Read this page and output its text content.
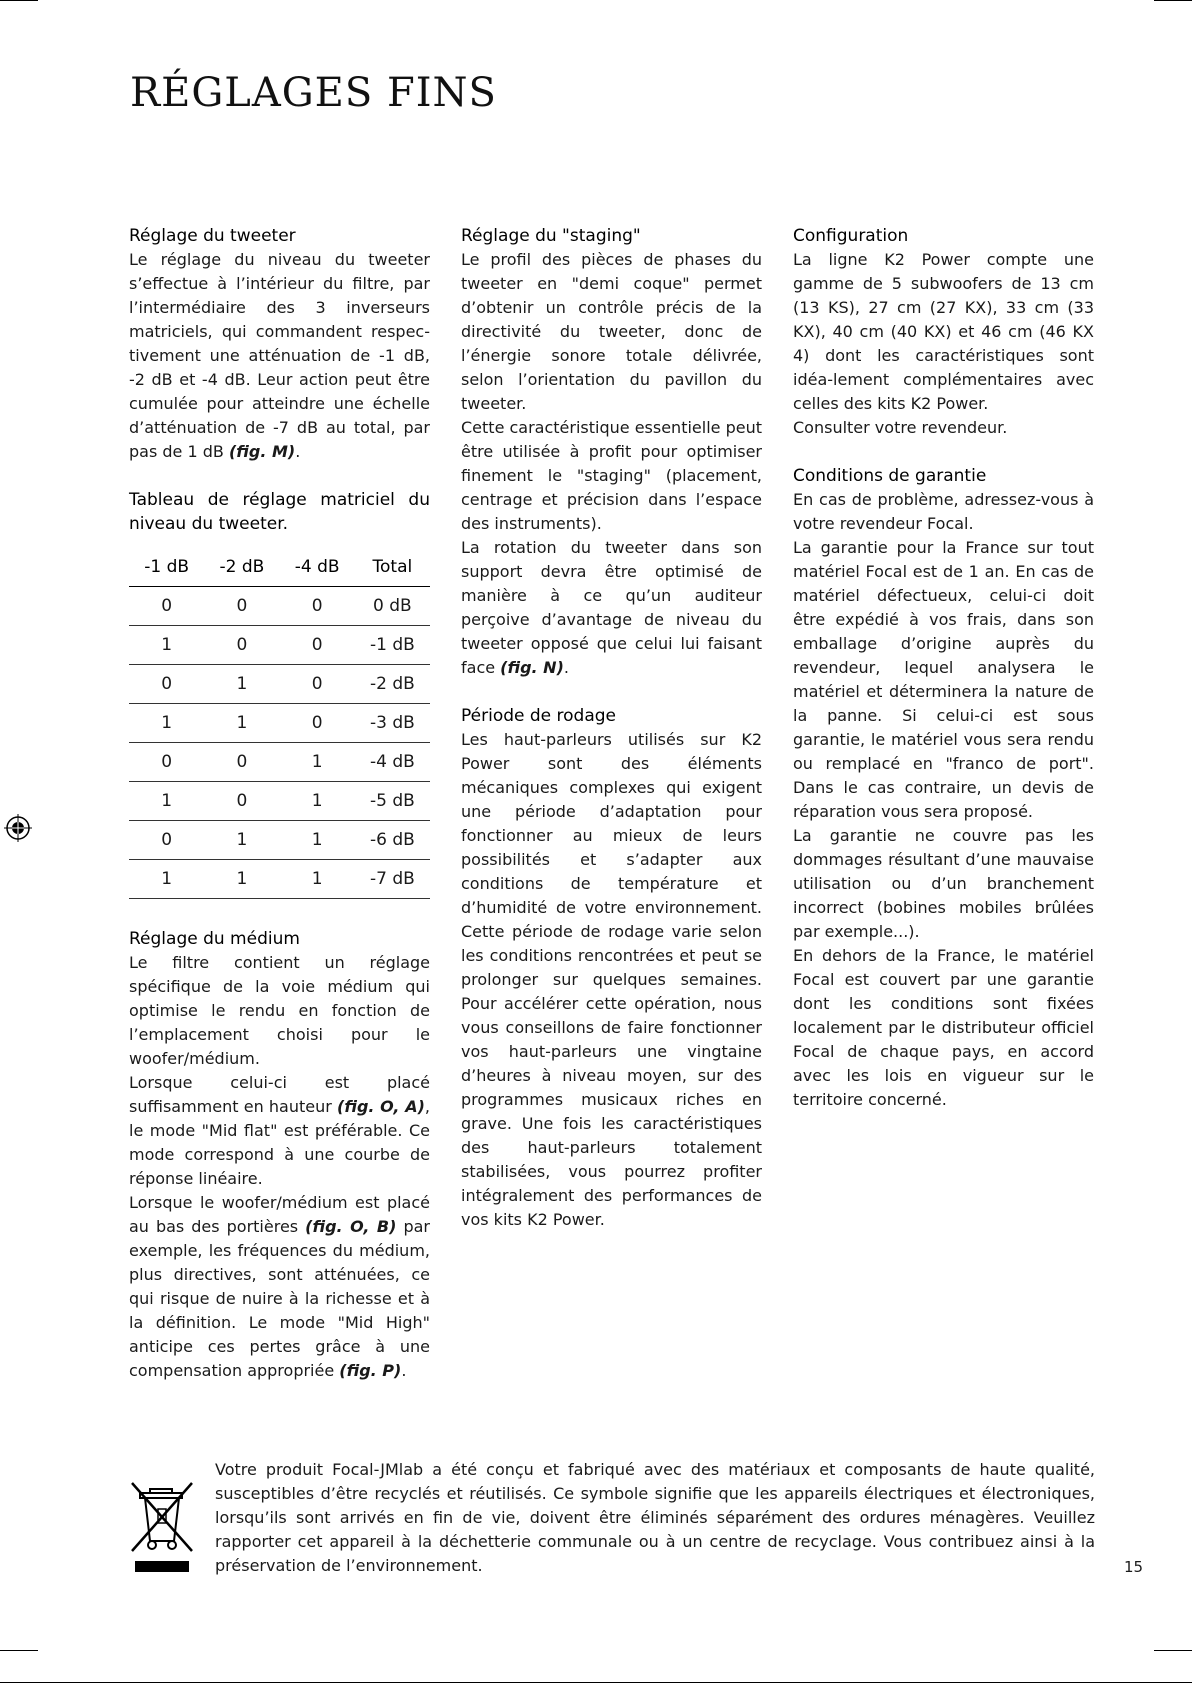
RÉGLAGES FINS
Réglage du tweeter

Le réglage du niveau du tweeter s’effectue à l’intérieur du filtre, par l’intermédiaire des 3 inverseurs matriciels, qui commandent respec-tivement une atténuation de -1 dB, -2 dB et -4 dB. Leur action peut être cumulée pour atteindre une échelle d’atténuation de -7 dB au total, par pas de 1 dB (fig. M).

Tableau de réglage matriciel du niveau du tweeter.

-1 dB	-2 dB	-4 dB	Total
0	0	0	0 dB
1	0	0	-1 dB
0	1	0	-2 dB
1	1	0	-3 dB
0	0	1	-4 dB
1	0	1	-5 dB
0	1	1	-6 dB
1	1	1	-7 dB
Réglage du médium

Le filtre contient un réglage spécifique de la voie médium qui optimise le rendu en fonction de l’emplacement choisi pour le woofer/médium.

Lorsque celui-ci est placé suffisamment en hauteur (fig. O, A), le mode "Mid flat" est préférable. Ce mode correspond à une courbe de réponse linéaire.

Lorsque le woofer/médium est placé au bas des portières (fig. O, B) par exemple, les fréquences du médium, plus directives, sont atténuées, ce qui risque de nuire à la richesse et à la définition. Le mode "Mid High" anticipe ces pertes grâce à une compensation appropriée (fig. P).

Réglage du "staging"

Le profil des pièces de phases du tweeter en "demi coque" permet d’obtenir un contrôle précis de la directivité du tweeter, donc de l’énergie sonore totale délivrée, selon l’orientation du pavillon du tweeter.

Cette caractéristique essentielle peut être utilisée à profit pour optimiser finement le "staging" (placement, centrage et précision dans l’espace des instruments).

La rotation du tweeter dans son support devra être optimisé de manière à ce qu’un auditeur perçoive d’avantage de niveau du tweeter opposé que celui lui faisant face (fig. N).

Période de rodage

Les haut-parleurs utilisés sur K2 Power sont des éléments mécaniques complexes qui exigent une période d’adaptation pour fonctionner au mieux de leurs possibilités et s’adapter aux conditions de température et d’humidité de votre environnement. Cette période de rodage varie selon les conditions rencontrées et peut se prolonger sur quelques semaines. Pour accélérer cette opération, nous vous conseillons de faire fonctionner vos haut-parleurs une vingtaine d’heures à niveau moyen, sur des programmes musicaux riches en grave. Une fois les caractéristiques des haut-parleurs totalement stabilisées, vous pourrez profiter intégralement des performances de vos kits K2 Power.

Configuration

La ligne K2 Power compte une gamme de 5 subwoofers de 13 cm (13 KS), 27 cm (27 KX), 33 cm (33 KX), 40 cm (40 KX) et 46 cm (46 KX 4) dont les caractéristiques sont idéa-lement complémentaires avec celles des kits K2 Power.

Consulter votre revendeur.

Conditions de garantie

En cas de problème, adressez-vous à votre revendeur Focal.

La garantie pour la France sur tout matériel Focal est de 1 an. En cas de matériel défectueux, celui-ci doit être expédié à vos frais, dans son emballage d’origine auprès du revendeur, lequel analysera le matériel et déterminera la nature de la panne. Si celui-ci est sous garantie, le matériel vous sera rendu ou remplacé en "franco de port". Dans le cas contraire, un devis de réparation vous sera proposé.

La garantie ne couvre pas les dommages résultant d’une mauvaise utilisation ou d’un branchement incorrect (bobines mobiles brûlées par exemple...).

En dehors de la France, le matériel Focal est couvert par une garantie dont les conditions sont fixées localement par le distributeur officiel Focal de chaque pays, en accord avec les lois en vigueur sur le territoire concerné.

Votre produit Focal-JMlab a été conçu et fabriqué avec des matériaux et composants de haute qualité, susceptibles d’être recyclés et réutilisés. Ce symbole signifie que les appareils électriques et électroniques, lorsqu’ils sont arrivés en fin de vie, doivent être éliminés séparément des ordures ménagères. Veuillez rapporter cet appareil à la déchetterie communale ou à un centre de recyclage. Vous contribuez ainsi à la préservation de l’environnement.	15
